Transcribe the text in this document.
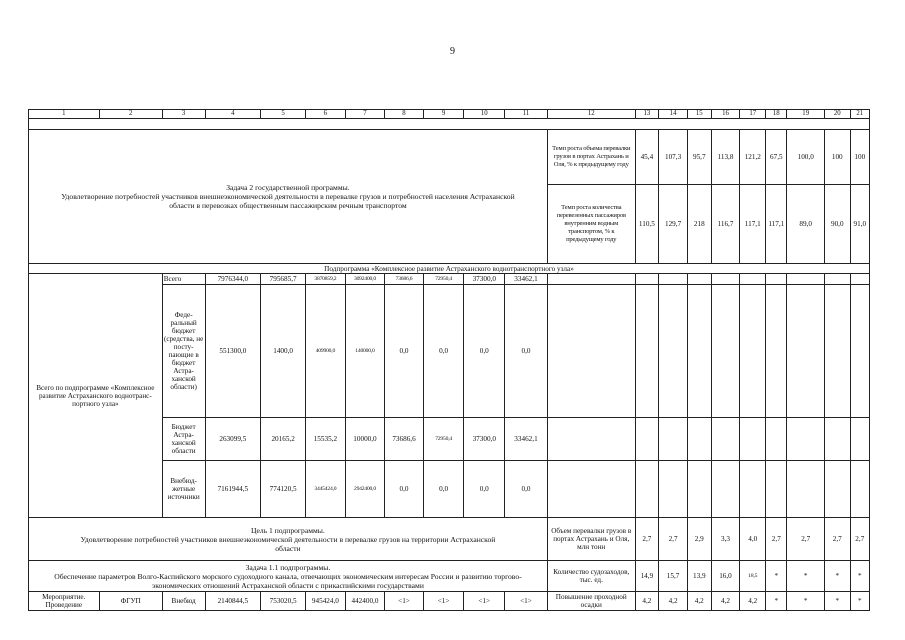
9
1	2	3	4	5	6	7	8	9	10	11	12	13	14	15	16	17	18	19	20	21

Задача 2 государственной программы.
Удовлетворение потребностей участников внешнеэкономической деятельности в перевалке грузов и потребностей населения Астраханской области в перевозках общественным пассажирским речным транспортом											Темп роста объема перевалки грузов в портах Астрахань и Оля, % к предыдущему году	45,4	107,3	95,7	113,8	121,2	67,5	100,0	100	100
											Темп роста количества перевезенных пассажиров внутренним водным транспортом, % к предыдущему году	110,5	129,7	218	116,7	117,1	117,1	89,0	90,0	91,0
Подпрограмма «Комплексное развитие Астраханского воднотранспортного узла»																				
Всего по подпрограмме «Комплексное развитие Астраханского воднотранспортного узла»		Всего	7976344,0	795685,7	3870859,2	3092400,0	73686,6	72950,4	37300,0	33462,1										
		Федеральный бюджет (средства, не поступающие в бюджет Астраханской области)	551300,0	1400,0	409900,0	140000,0	0,0	0,0	0,0	0,0										
		Бюджет Астраханской области	263099,5	20165,2	15535,2	10000,0	73686,6	72950,4	37300,0	33462,1										
		Внебюджетные источники	7161944,5	774120,5	3445424,0	2942400,0	0,0	0,0	0,0	0,0										

Цель 1 подпрограммы.
Удовлетворение потребностей участников внешнеэкономической деятельности в перевалке грузов на территории Астраханской области											Объем перевалки грузов в портах Астрахань и Оля, млн тонн	2,7	2,7	2,9	3,3	4,0	2,7	2,7	2,7	2,7

Задача 1.1 подпрограммы.
Обеспечение параметров Волго-Каспийского морского судоходного канала, отвечающих экономическим интересам России и развитию торгово-экономических отношений Астраханской области с прикаспийскими государствами											Количество судозаходов, тыс. ед.	14,9	15,7	13,9	16,0	18,5	*	*	*	*
Мероприятие. Проведение	ФГУП	Внебюд	2140844,5	753020,5	945424,0	442400,0	<1>	<1>	<1>	<1>	Повышение проходной осадки	4,2	4,2	4,2	4,2	4,2	*	*	*	*
